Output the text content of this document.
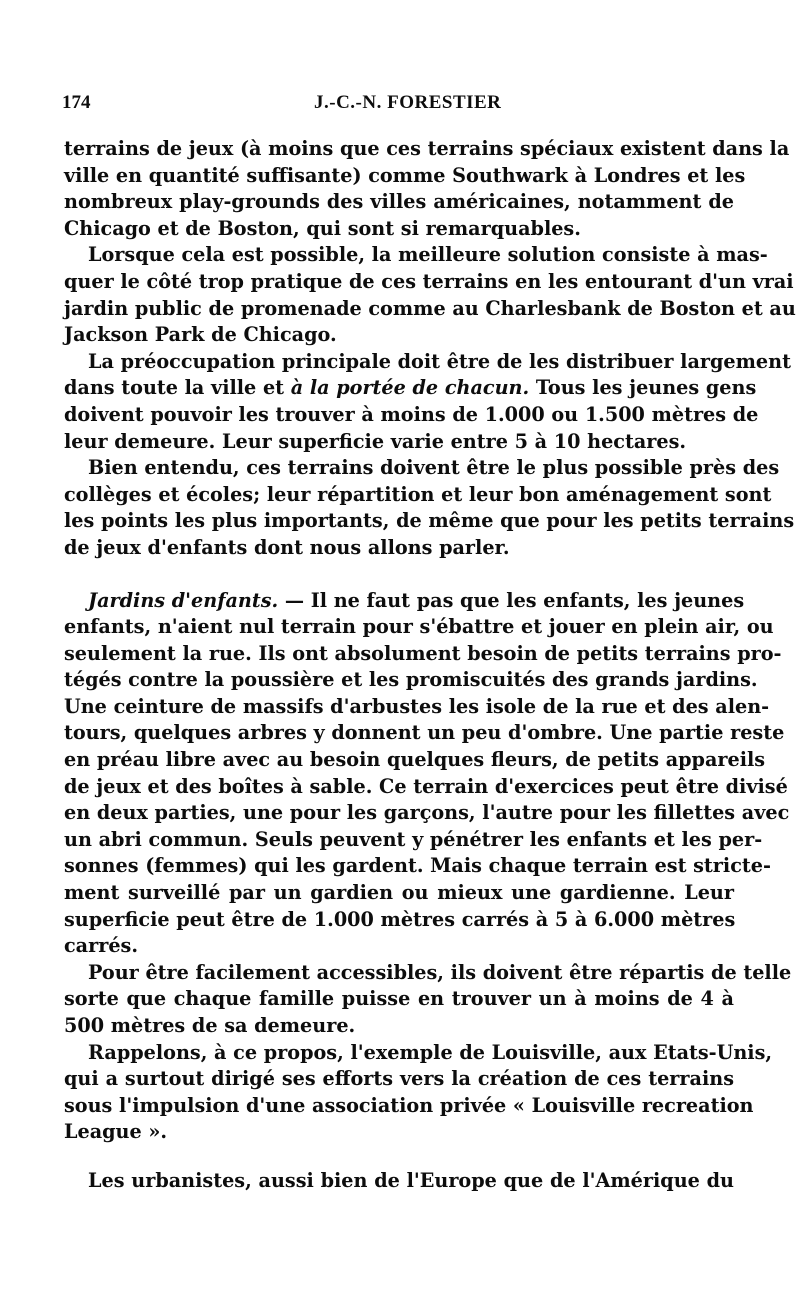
174	J.-C.-N. FORESTIER
terrains de jeux (à moins que ces terrains spéciaux existent dans la
ville en quantité suffisante) comme Southwark à Londres et les
nombreux play-grounds des villes américaines, notamment de
Chicago et de Boston, qui sont si remarquables.
Lorsque cela est possible, la meilleure solution consiste à mas-
quer le côté trop pratique de ces terrains en les entourant d'un vrai
jardin public de promenade comme au Charlesbank de Boston et au
Jackson Park de Chicago.
La préoccupation principale doit être de les distribuer largement
dans toute la ville et à la portée de chacun. Tous les jeunes gens
doivent pouvoir les trouver à moins de 1.000 ou 1.500 mètres de
leur demeure. Leur superficie varie entre 5 à 10 hectares.
Bien entendu, ces terrains doivent être le plus possible près des
collèges et écoles; leur répartition et leur bon aménagement sont
les points les plus importants, de même que pour les petits terrains
de jeux d'enfants dont nous allons parler.
Jardins d'enfants. — Il ne faut pas que les enfants, les jeunes
enfants, n'aient nul terrain pour s'ébattre et jouer en plein air, ou
seulement la rue. Ils ont absolument besoin de petits terrains pro-
tégés contre la poussière et les promiscuités des grands jardins.
Une ceinture de massifs d'arbustes les isole de la rue et des alen-
tours, quelques arbres y donnent un peu d'ombre. Une partie reste
en préau libre avec au besoin quelques fleurs, de petits appareils
de jeux et des boîtes à sable. Ce terrain d'exercices peut être divisé
en deux parties, une pour les garçons, l'autre pour les fillettes avec
un abri commun. Seuls peuvent y pénétrer les enfants et les per-
sonnes (femmes) qui les gardent. Mais chaque terrain est stricte-
ment surveillé par un gardien ou mieux une gardienne. Leur
superficie peut être de 1.000 mètres carrés à 5 à 6.000 mètres
carrés.
Pour être facilement accessibles, ils doivent être répartis de telle
sorte que chaque famille puisse en trouver un à moins de 4 à
500 mètres de sa demeure.
Rappelons, à ce propos, l'exemple de Louisville, aux Etats-Unis,
qui a surtout dirigé ses efforts vers la création de ces terrains
sous l'impulsion d'une association privée « Louisville recreation
League ».
Les urbanistes, aussi bien de l'Europe que de l'Amérique du
